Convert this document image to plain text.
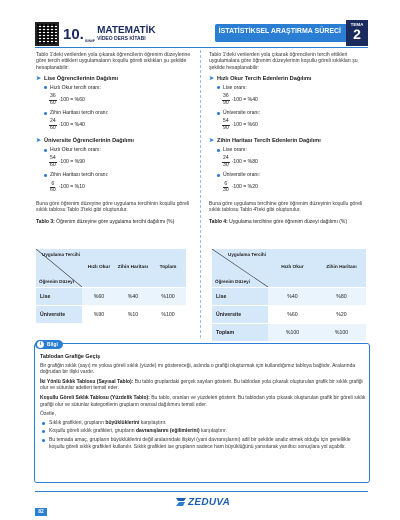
10. SINIF
MATEMATİK
VİDEO DERS KİTABI
İSTATİSTİKSEL ARAŞTIRMA SÜRECİ
TEMA
2
Tablo 1'deki verilerden yola çıkarak öğrencilerin öğrenim düzeylerine göre tercih ettikleri uygulamaların koşullu göreli sıklıkları şu şekilde hesaplanabilir:
➤ Lise Öğrencilerinin Dağılımı
Hızlı Okur tercih oranı:
$\frac{36}{60} \cdot 100 = \%60$
Zihin Haritası tercih oranı:
$\frac{24}{60} \cdot 100 = \%40$
➤ Üniversite Öğrencilerinin Dağılımı
Hızlı Okur tercih oranı:
$\frac{54}{60} \cdot 100 = \%90$
Zihin Haritası tercih oranı:
$\frac{6}{60} \cdot 100 = \%10$
Buna göre öğrenim düzeyine göre uygulama tercihinin koşullu göreli sıklık tablosu Tablo 3'teki gibi oluşturulur.
Tablo 3: Öğrenim düzeyine göre uygulama tercihi dağılımı (%)
Uygulama Tercihi
Öğrenim Düzeyi	Hızlı Okur	Zihin Haritası	Toplam
Lise	%60	%40	%100
Üniversite	%90	%10	%100
Tablo 1'deki verilerden yola çıkarak öğrencilerin tercih ettikleri uygulamalara göre öğrenim düzeylerinin koşullu göreli sıklıkları şu şekilde hesaplanabilir:
➤ Hızlı Okur Tercih Edenlerin Dağılımı
Lise oranı:
$\frac{36}{90} \cdot 100 = \%40$
Üniversite oranı:
$\frac{54}{90} \cdot 100 = \%60$
➤ Zihin Haritası Tercih Edenlerin Dağılımı
Lise oranı:
$\frac{24}{30} \cdot 100 = \%80$
Üniversite oranı:
$\frac{6}{30} \cdot 100 = \%20$
Buna göre uygulama tercihine göre öğrenim düzeyinin koşullu göreli sıklık tablosu Tablo 4'teki gibi oluşturulur.
Tablo 4: Uygulama tercihine göre öğrenim düzeyi dağılımı (%)
Uygulama Tercihi
Öğrenim Düzeyi	Hızlı Okur	Zihin Haritası
Lise	%40	%80
Üniversite	%60	%20
Toplam	%100	%100
i	Bilgi
Tablodan Grafiğe Geçiş
Bir grafiğin sıklık (sayı) mı yoksa göreli sıklık (yüzde) mı göstereceği, aslında o grafiği oluşturmak için kullandığımız tabloya bağlıdır. Aralarında doğrudan bir ilişki vardır.
İki Yönlü Sıklık Tablosu (Sayısal Tablo): Bu tablo gruplardaki gerçek sayıları gösterir. Bu tablodan yola çıkarak oluşturulan grafik bir sıklık grafiği olur ve sütunlar adetleri temsil eder.
Koşullu Göreli Sıklık Tablosu (Yüzdelik Tablo): Bu tablo, oranları ve yüzdeleri gösterir. Bu tablodan yola çıkarak oluşturulan grafik bir göreli sıklık grafiği olur ve sütunlar kategorilerin grupların oransal dağılımını temsil eder.
Özetle,
Sıklık grafikleri, grupların büyüklüklerini karşılaştırır.
Koşullu göreli sıklık grafikleri, grupların davranışlarını (eğilimlerini) karşılaştırır.
Bu temada amaç, grupların büyüklüklerini değil aralarındaki ilişkiyi (yani davranışlarını) adil bir şekilde analiz etmek olduğu için genellikle koşullu göreli sıklık grafikleri kullanılır. Sıklık grafikleri ise grupların sadece ham büyüklüğünü yansıtarak yanıltıcı sonuçlara yol açabilir.
82
ZEDUVA
